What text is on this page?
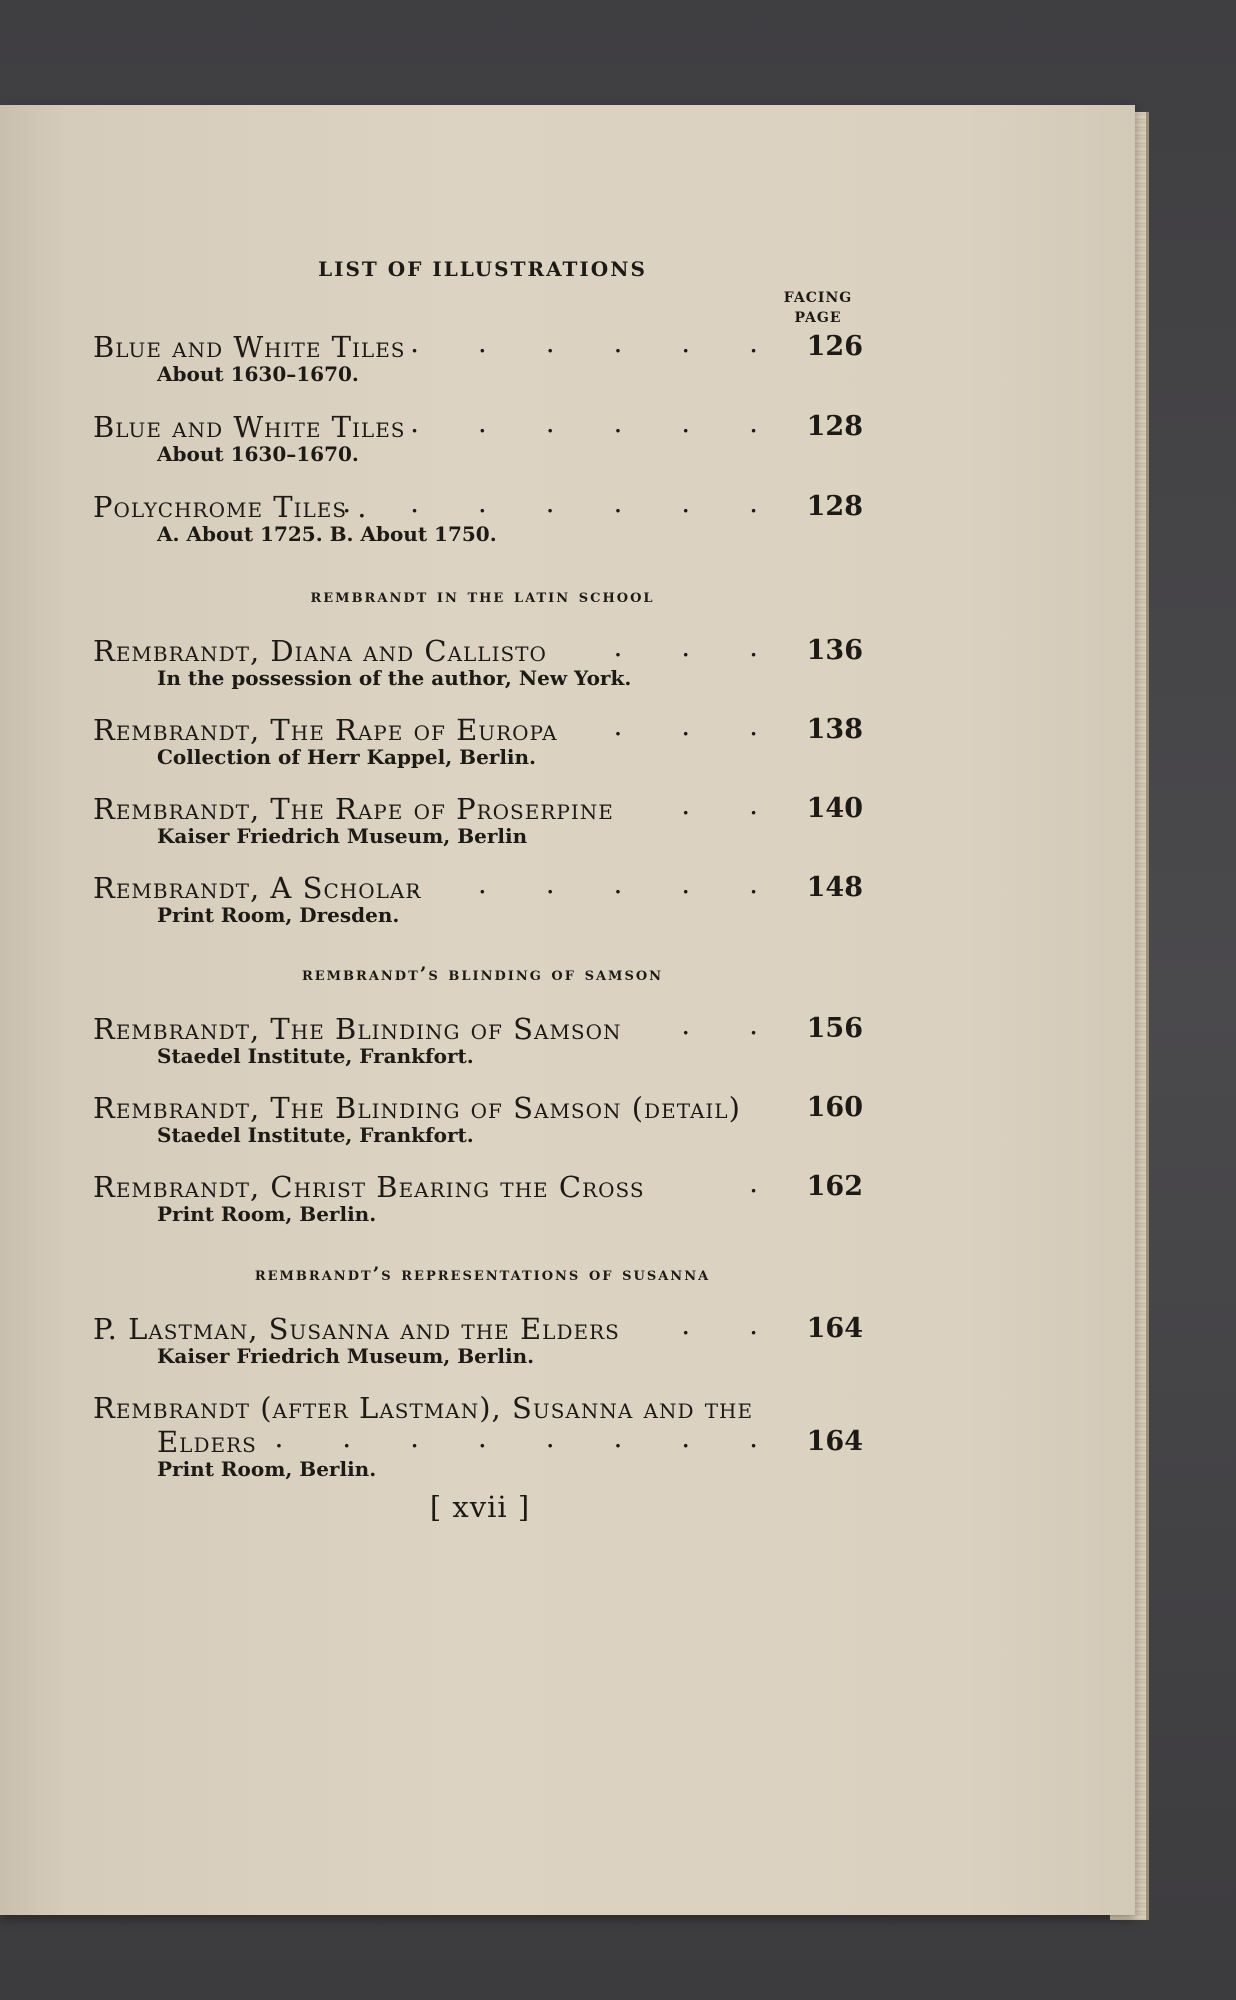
LIST OF ILLUSTRATIONS
FACING
PAGE
Blue and White Tiles . . . . . . 126
About 1630–1670.
Blue and White Tiles . . . . . . 128
About 1630–1670.
Polychrome Tiles .
. . . . . . . 128
A. About 1725. B. About 1750.
rembrandt in the latin school
Rembrandt, Diana and Callisto . . . 136
In the possession of the author, New York.
Rembrandt, The Rape of Europa . . . 138
Collection of Herr Kappel, Berlin.
Rembrandt, The Rape of Proserpine . . 140
Kaiser Friedrich Museum, Berlin
Rembrandt, A Scholar
. . . . . . 148
Print Room, Dresden.
rembrandt’s blinding of samson
Rembrandt, The Blinding of Samson . . 156
Staedel Institute, Frankfort.
Rembrandt, The Blinding of Samson (detail) 160
Staedel Institute, Frankfort.
Rembrandt, Christ Bearing the Cross	. 162
Print Room, Berlin.
rembrandt’s representations of susanna
P. Lastman, Susanna and the Elders . . 164
Kaiser Friedrich Museum, Berlin.
Rembrandt (after Lastman), Susanna and the
Elders . . . . . . . . 164
Print Room, Berlin.
[ xvii ]
